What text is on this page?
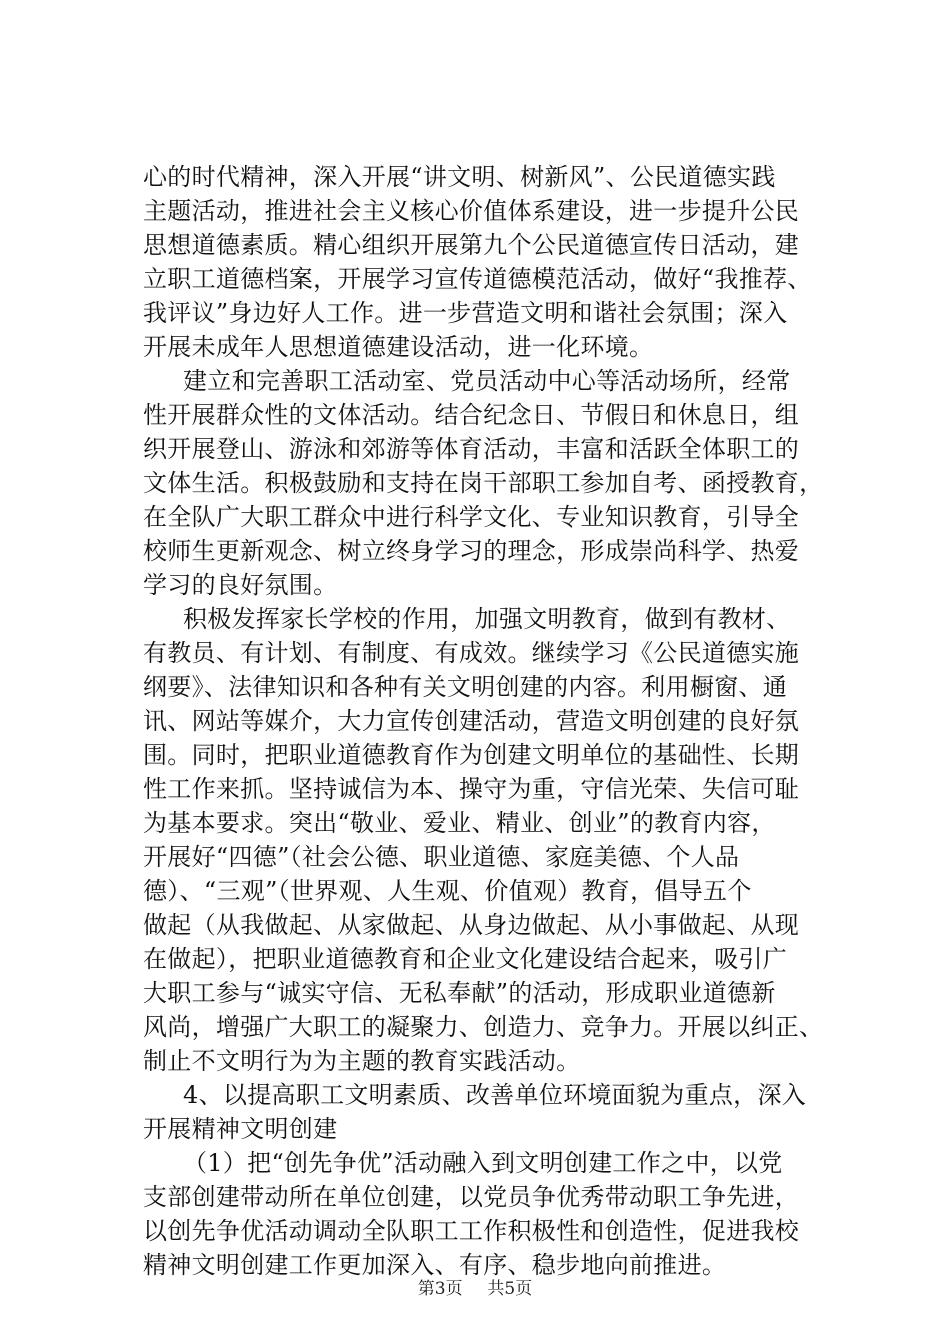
心的时代精神，深入开展“讲文明、树新风”、公民道德实践
主题活动，推进社会主义核心价值体系建设，进一步提升公民
思想道德素质。精心组织开展第九个公民道德宣传日活动，建
立职工道德档案，开展学习宣传道德模范活动，做好“我推荐、
我评议”身边好人工作。进一步营造文明和谐社会氛围；深入
开展未成年人思想道德建设活动，进一化环境。
建立和完善职工活动室、党员活动中心等活动场所，经常
性开展群众性的文体活动。结合纪念日、节假日和休息日，组
织开展登山、游泳和郊游等体育活动，丰富和活跃全体职工的
文体生活。积极鼓励和支持在岗干部职工参加自考、函授教育，
在全队广大职工群众中进行科学文化、专业知识教育，引导全
校师生更新观念、树立终身学习的理念，形成崇尚科学、热爱
学习的良好氛围。
积极发挥家长学校的作用，加强文明教育，做到有教材、
有教员、有计划、有制度、有成效。继续学习《公民道德实施
纲要》、法律知识和各种有关文明创建的内容。利用橱窗、通
讯、网站等媒介，大力宣传创建活动，营造文明创建的良好氛
围。同时，把职业道德教育作为创建文明单位的基础性、长期
性工作来抓。坚持诚信为本、操守为重，守信光荣、失信可耻
为基本要求。突出“敬业、爱业、精业、创业”的教育内容，
开展好“四德”（社会公德、职业道德、家庭美德、个人品
德）、“三观”（世界观、人生观、价值观）教育，倡导五个
做起（从我做起、从家做起、从身边做起、从小事做起、从现
在做起），把职业道德教育和企业文化建设结合起来，吸引广
大职工参与“诚实守信、无私奉献”的活动，形成职业道德新
风尚，增强广大职工的凝聚力、创造力、竞争力。开展以纠正、
制止不文明行为为主题的教育实践活动。
4、以提高职工文明素质、改善单位环境面貌为重点，深入
开展精神文明创建
（1）把“创先争优”活动融入到文明创建工作之中，以党
支部创建带动所在单位创建，以党员争优秀带动职工争先进，
以创先争优活动调动全队职工工作积极性和创造性，促进我校
精神文明创建工作更加深入、有序、稳步地向前推进。
第3页 共5页
